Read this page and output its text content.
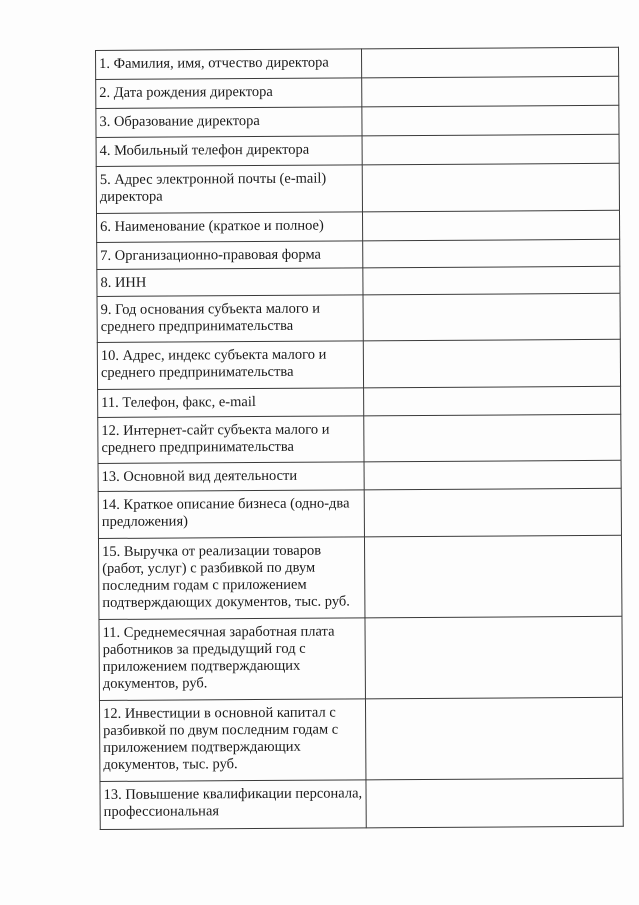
1. Фамилия, имя, отчество директора	
2. Дата рождения директора	
3. Образование директора	
4. Мобильный телефон директора	
5. Адрес электронной почты (e-mail) директора	
6. Наименование (краткое и полное)	
7. Организационно-правовая форма	
8. ИНН	
9. Год основания субъекта малого и среднего предпринимательства	
10. Адрес, индекс субъекта малого и среднего предпринимательства	
11. Телефон, факс, e-mail	
12. Интернет-сайт субъекта малого и среднего предпринимательства	
13. Основной вид деятельности	
14. Краткое описание бизнеса (одно-два предложения)	
15. Выручка от реализации товаров (работ, услуг) с разбивкой по двум последним годам с приложением подтверждающих документов, тыс. руб.	
11. Среднемесячная заработная плата работников за предыдущий год с приложением подтверждающих документов, руб.	
12. Инвестиции в основной капитал с разбивкой по двум последним годам с приложением подтверждающих документов, тыс. руб.	
13. Повышение квалификации персонала, профессиональная	
